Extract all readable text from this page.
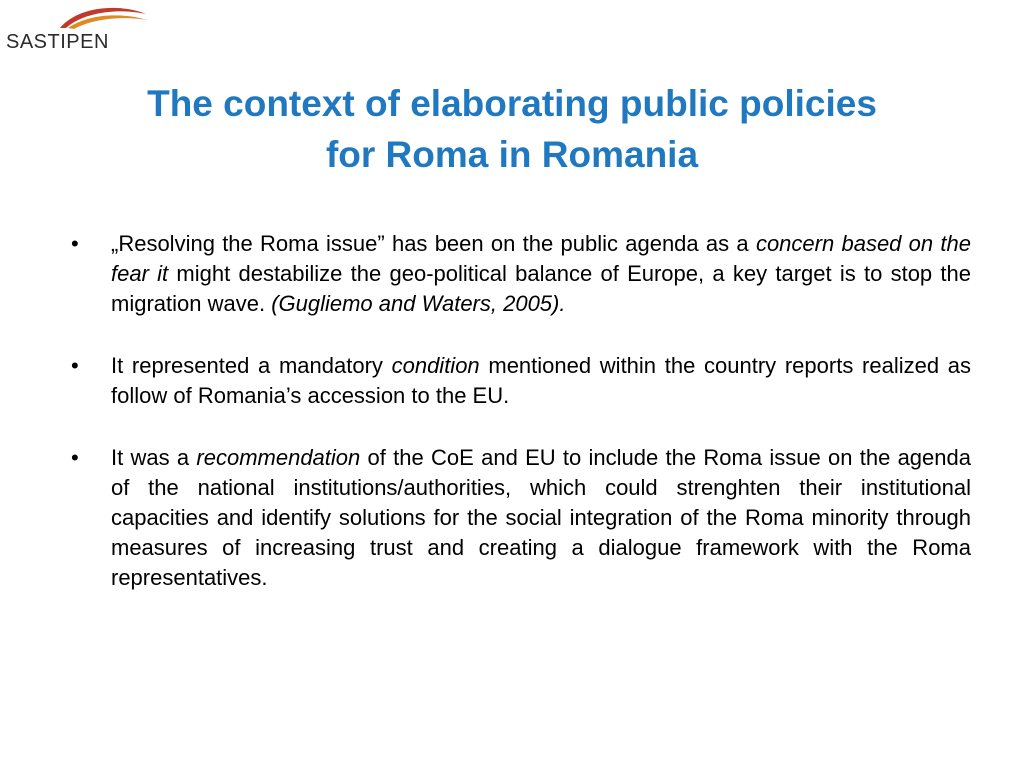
SASTIPEN
The context of elaborating public policies
for Roma in Romania
• „Resolving the Roma issue” has been on the public agenda as a concern based on the fear it might destabilize the geo-political balance of Europe, a key target is to stop the migration wave. (Gugliemo and Waters, 2005).
• It represented a mandatory condition mentioned within the country reports realized as follow of Romania’s accession to the EU.
• It was a recommendation of the CoE and EU to include the Roma issue on the agenda of the national institutions/authorities, which could strenghten their institutional capacities and identify solutions for the social integration of the Roma minority through measures of increasing trust and creating a dialogue framework with the Roma representatives.
